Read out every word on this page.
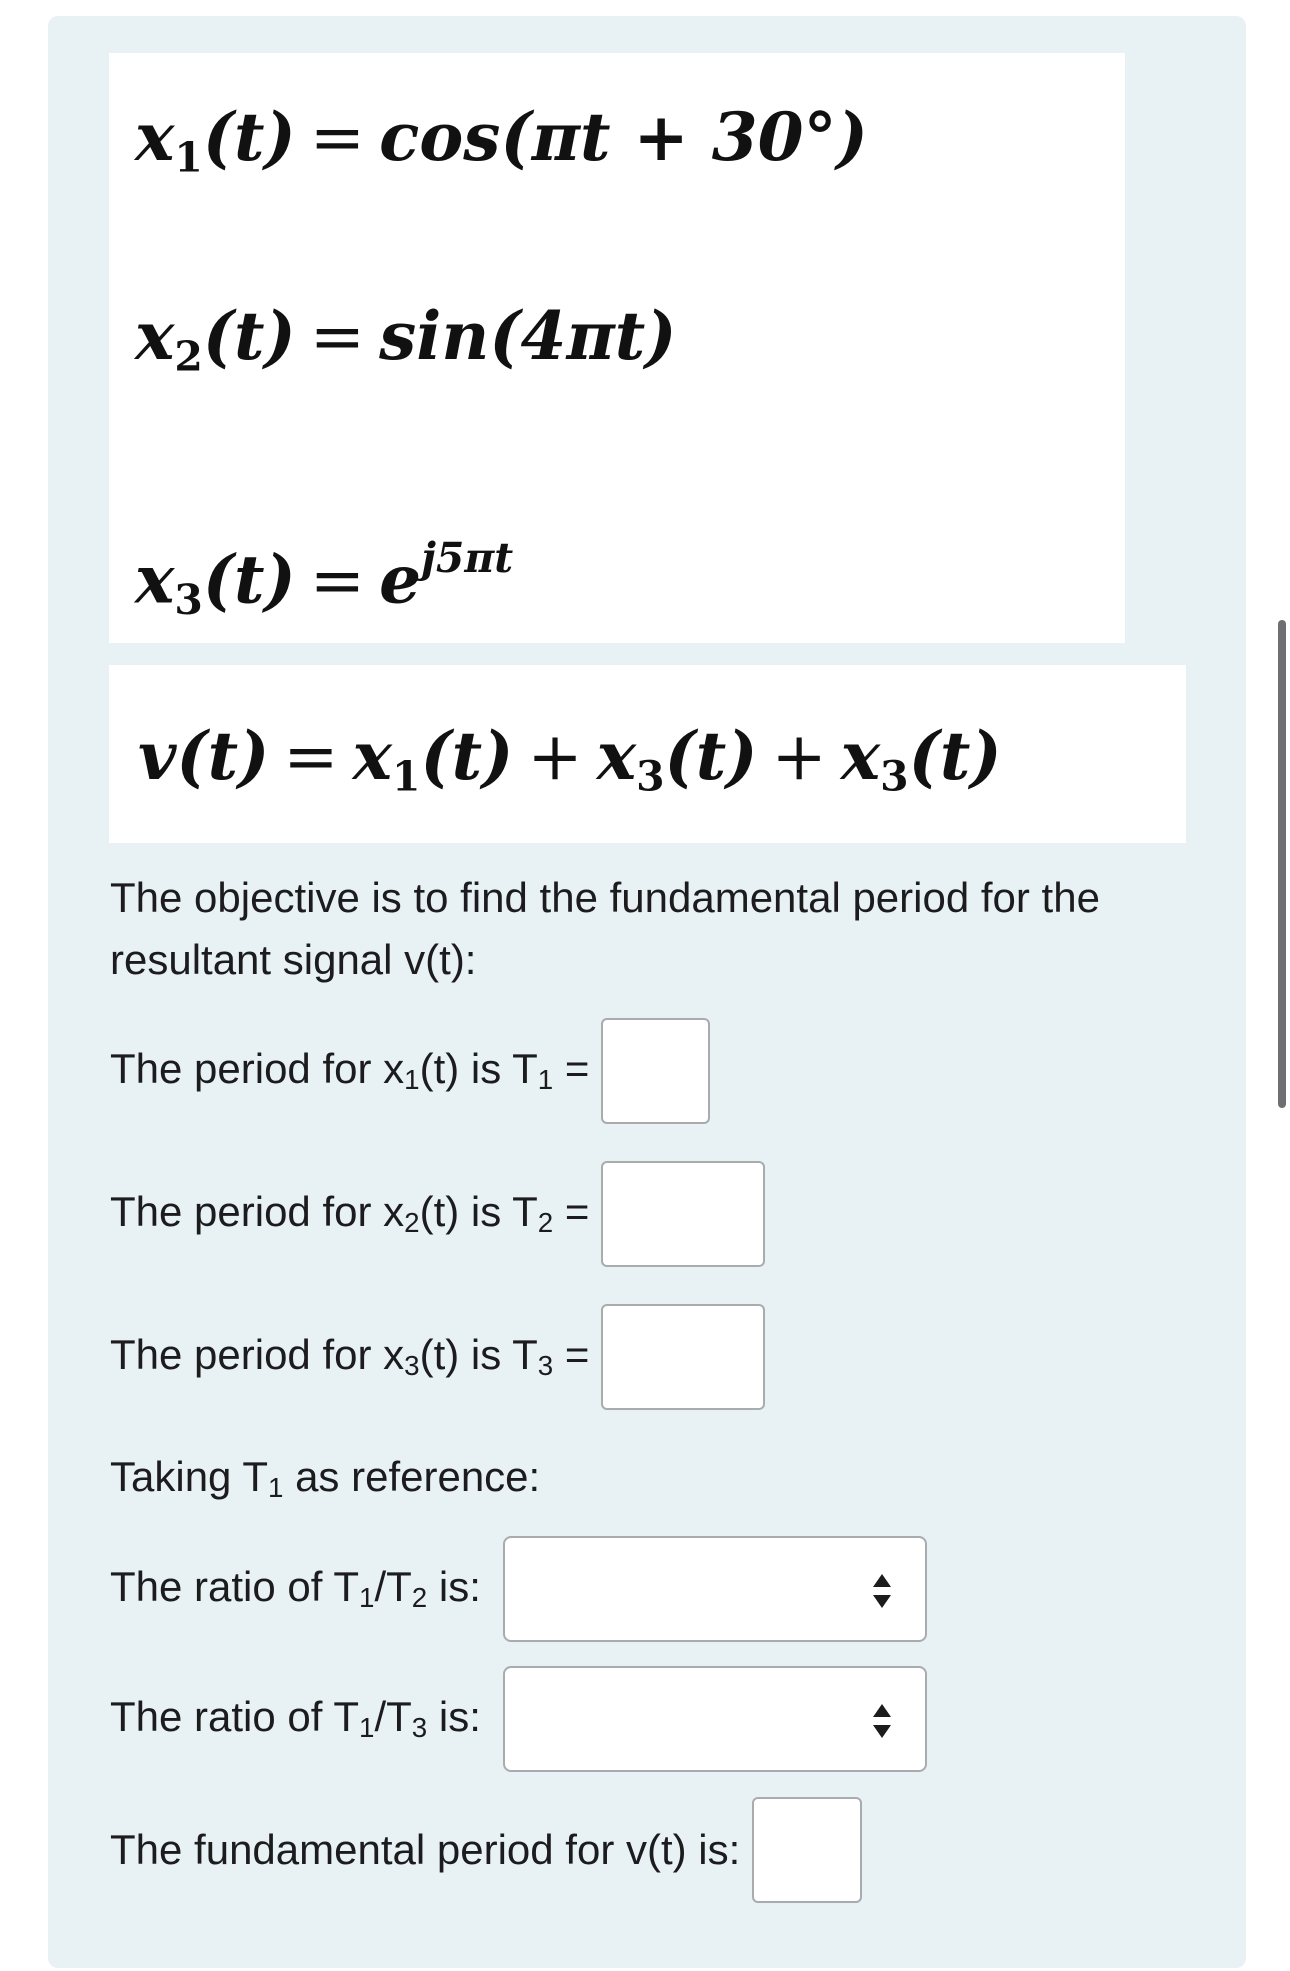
$x_1(t) = \cos(\pi t + 30^\circ)$
$x_2(t) = \sin(4\pi t)$
$x_3(t) = e^{j5\pi t}$
$v(t) = x_1(t) + x_3(t) + x_3(t)$
The objective is to find the fundamental period for the resultant signal v(t):
The period for $x_1(t)$ is $T_1$ =
The period for $x_2(t)$ is $T_2$ =
The period for $x_3(t)$ is $T_3$ =
Taking $T_1$ as reference:
The ratio of $T_1/T_2$ is:
The ratio of $T_1/T_3$ is:
The fundamental period for v(t) is:
